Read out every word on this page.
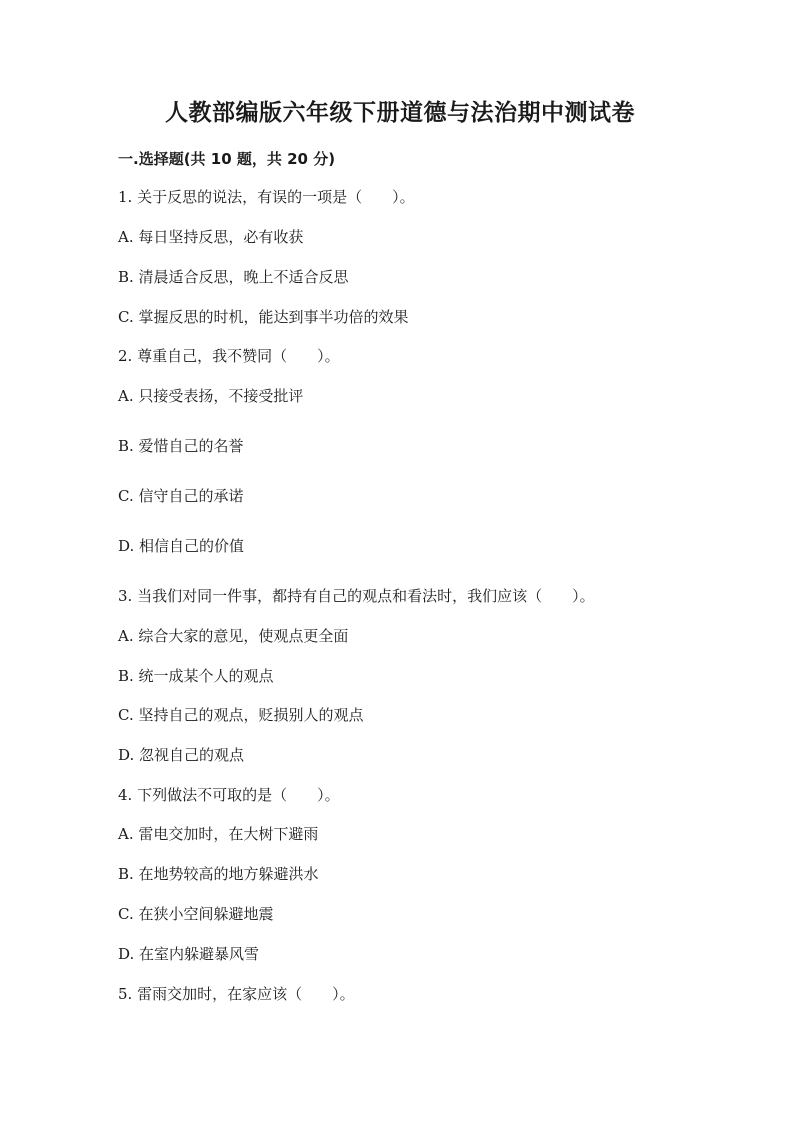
人教部编版六年级下册道德与法治期中测试卷
一.选择题(共 10 题，共 20 分)
1. 关于反思的说法，有误的一项是（　　）。
A. 每日坚持反思，必有收获
B. 清晨适合反思，晚上不适合反思
C. 掌握反思的时机，能达到事半功倍的效果
2. 尊重自己，我不赞同（　　）。
A. 只接受表扬，不接受批评
B. 爱惜自己的名誉
C. 信守自己的承诺
D. 相信自己的价值
3. 当我们对同一件事，都持有自己的观点和看法时，我们应该（　　）。
A. 综合大家的意见，使观点更全面
B. 统一成某个人的观点
C. 坚持自己的观点，贬损别人的观点
D. 忽视自己的观点
4. 下列做法不可取的是（　　）。
A. 雷电交加时，在大树下避雨
B. 在地势较高的地方躲避洪水
C. 在狭小空间躲避地震
D. 在室内躲避暴风雪
5. 雷雨交加时，在家应该（　　）。
